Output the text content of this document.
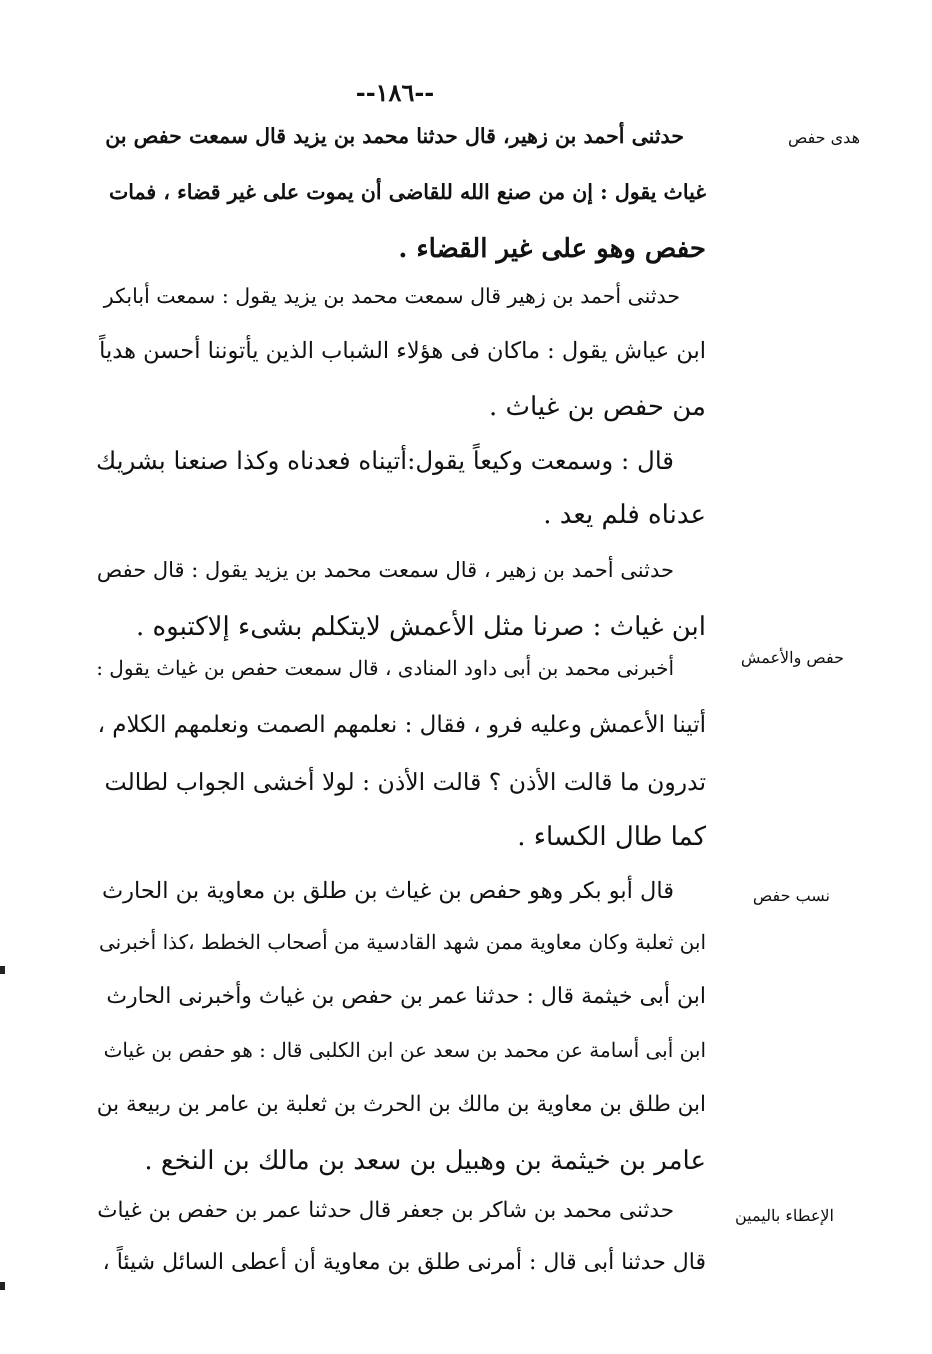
--١٨٦--
هدى حفص
حفص والأعمش
نسب حفص
الإعطاء باليمين
حدثنى أحمد بن زهير، قال حدثنا محمد بن يزيد قال سمعت حفص بن
غياث يقول : إن من صنع الله للقاضى أن يموت على غير قضاء ، فمات
حفص وهو على غير القضاء .
حدثنى أحمد بن زهير قال سمعت محمد بن يزيد يقول : سمعت أبابكر
ابن عياش يقول : ماكان فى هؤلاء الشباب الذين يأتوننا أحسن هدياً
من حفص بن غياث .
قال : وسمعت وكيعاً يقول:أتيناه فعدناه وكذا صنعنا بشريك
عدناه فلم يعد .
حدثنى أحمد بن زهير ، قال سمعت محمد بن يزيد يقول : قال حفص
ابن غياث : صرنا مثل الأعمش لايتكلم بشىء إلاكتبوه .
أخبرنى محمد بن أبى داود المنادى ، قال سمعت حفص بن غياث يقول :
أتينا الأعمش وعليه فرو ، فقال : نعلمهم الصمت ونعلمهم الكلام ،
تدرون ما قالت الأذن ؟ قالت الأذن : لولا أخشى الجواب لطالت
كما طال الكساء .
قال أبو بكر وهو حفص بن غياث بن طلق بن معاوية بن الحارث
ابن ثعلبة وكان معاوية ممن شهد القادسية من أصحاب الخطط ،كذا أخبرنى
ابن أبى خيثمة قال : حدثنا عمر بن حفص بن غياث وأخبرنى الحارث
ابن أبى أسامة عن محمد بن سعد عن ابن الكلبى قال : هو حفص بن غياث
ابن طلق بن معاوية بن مالك بن الحرث بن ثعلبة بن عامر بن ربيعة بن
عامر بن خيثمة بن وهبيل بن سعد بن مالك بن النخع .
حدثنى محمد بن شاكر بن جعفر قال حدثنا عمر بن حفص بن غياث
قال حدثنا أبى قال : أمرنى طلق بن معاوية أن أعطى السائل شيئاً ،
